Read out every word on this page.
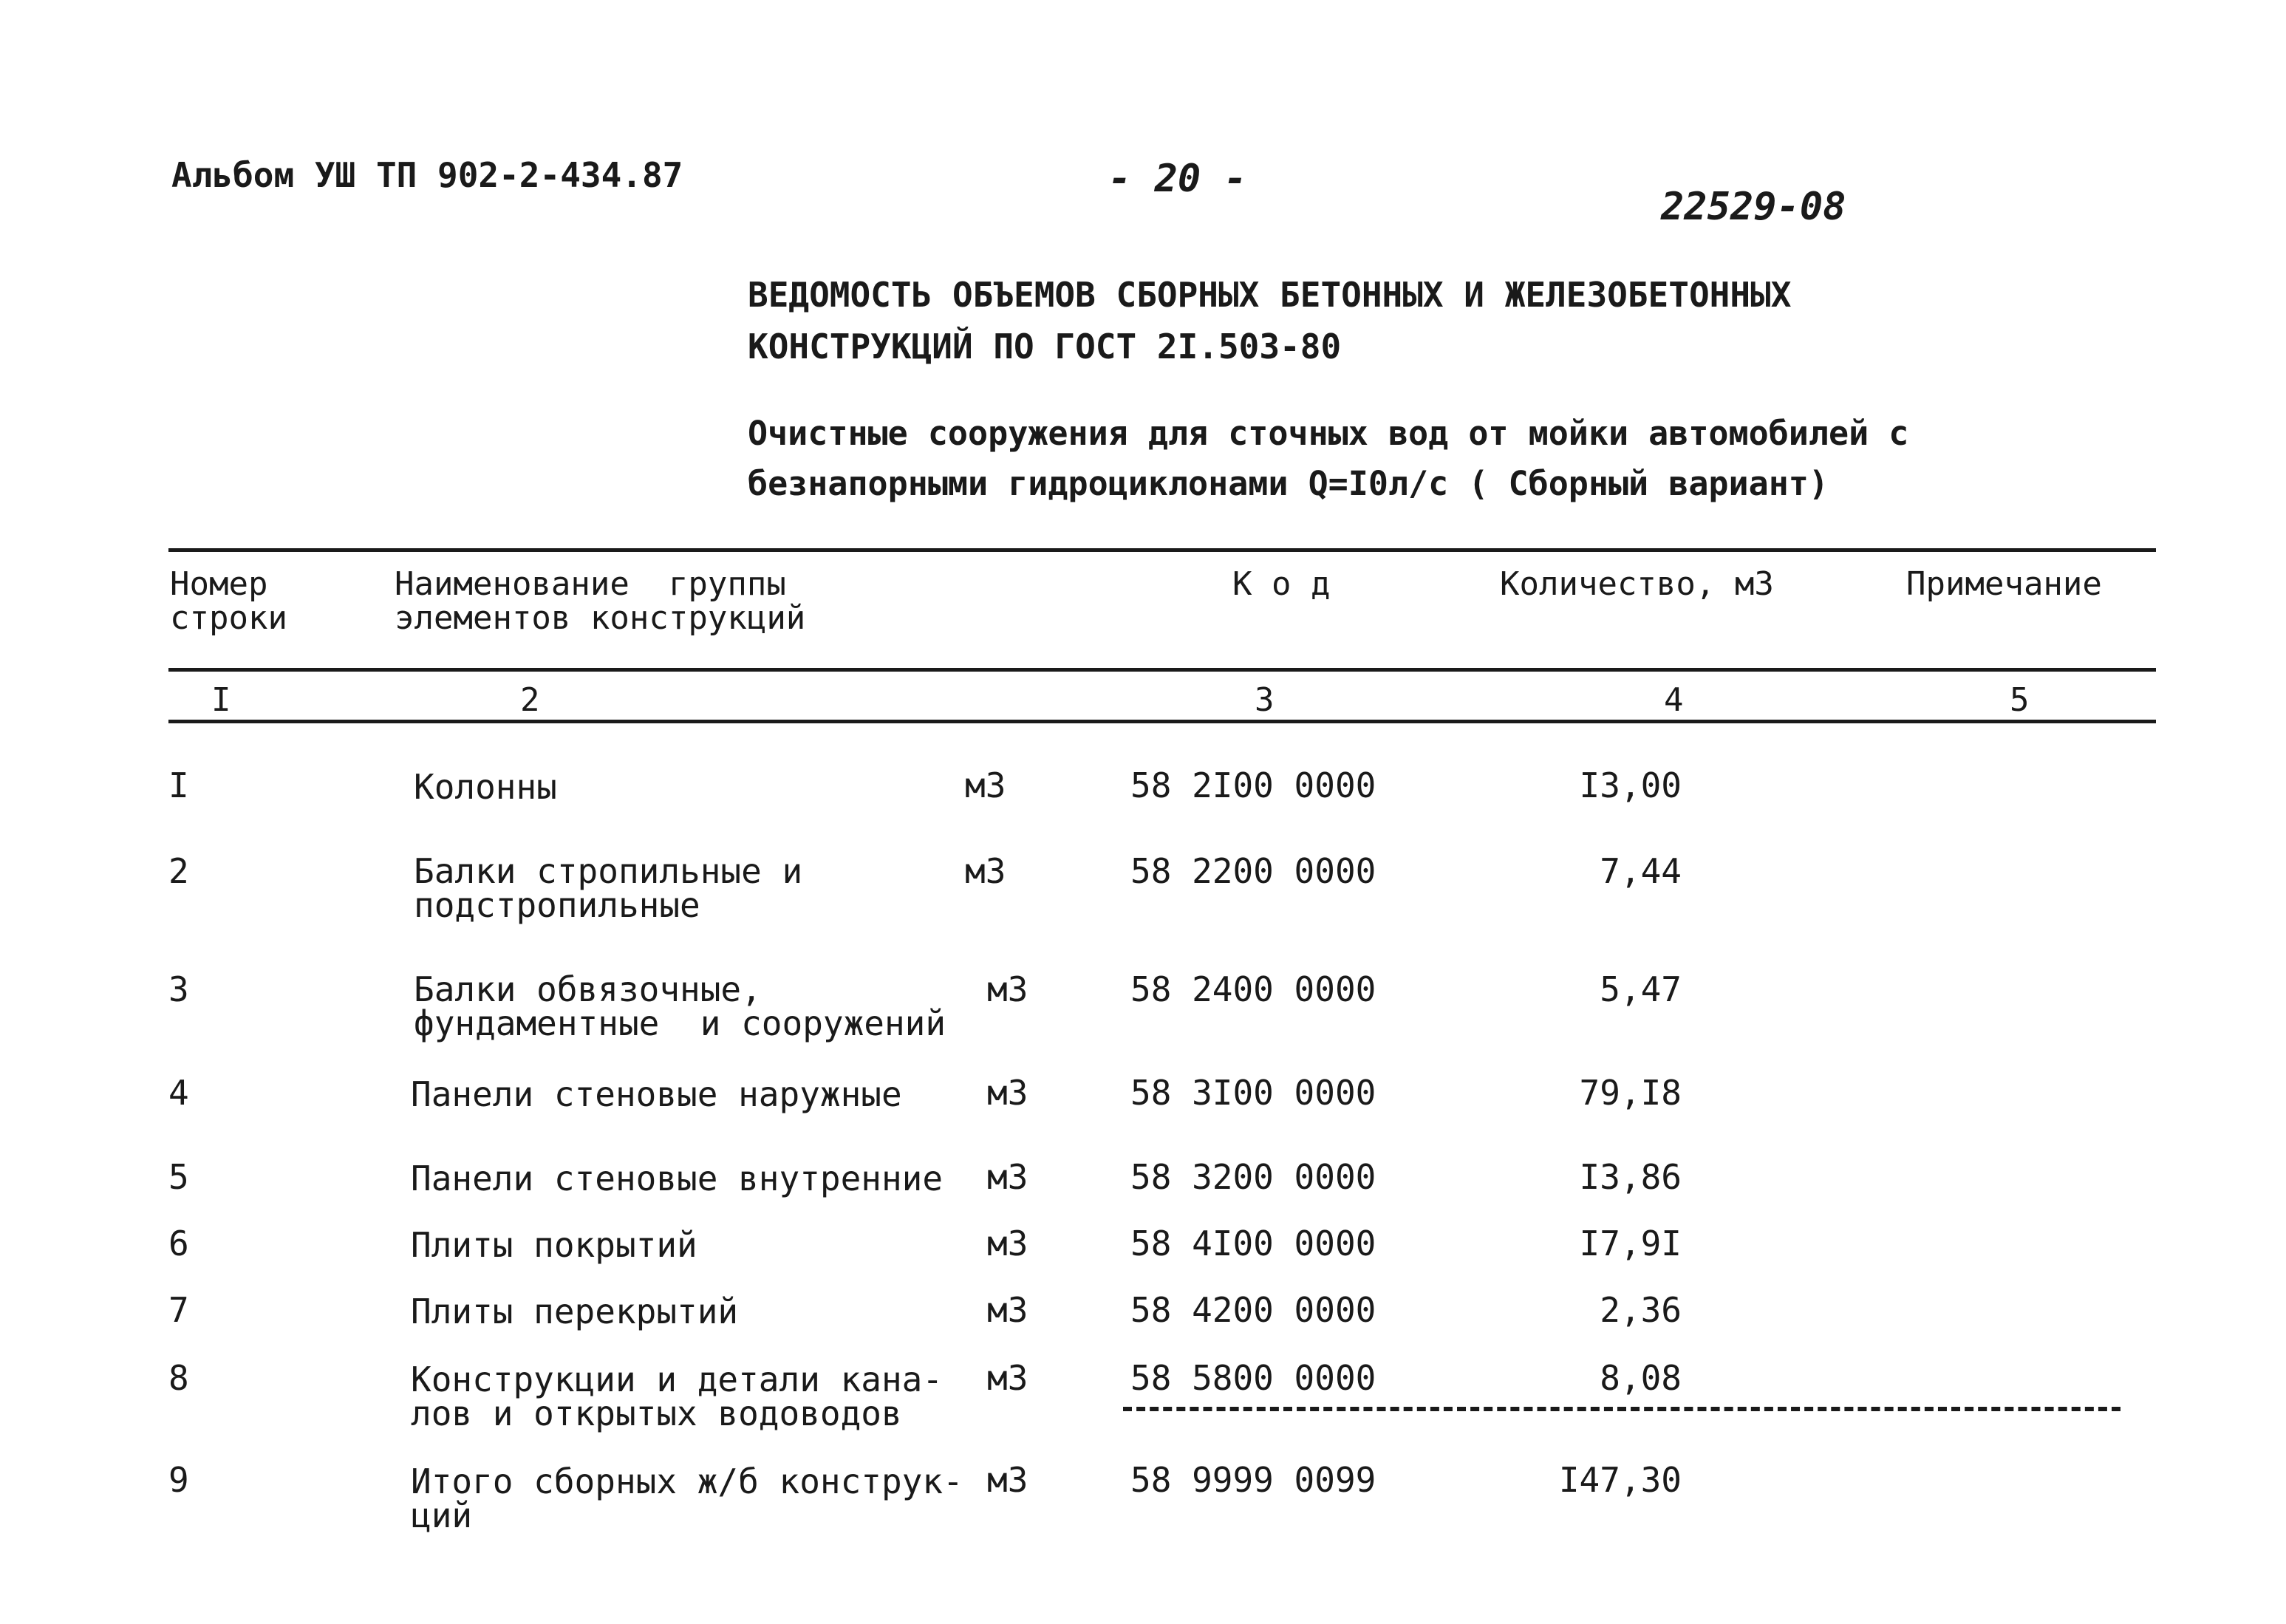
Альбом УШ ТП 902-2-434.87	- 20 -
22529-08
ВЕДОМОСТЬ ОБЪЕМОВ СБОРНЫХ БЕТОННЫХ И ЖЕЛЕЗОБЕТОННЫХ
КОНСТРУКЦИЙ ПО ГОСТ 2I.503-80
Очистные сооружения для сточных вод от мойки автомобилей с
безнапорными гидроциклонами Q=I0л/с ( Сборный вариант)
Номер
строки
Наименование  группы
элементов конструкций
К о д	Количество, м3	Примечание
I	2	3	4	5
I	Колонны	м3	58 2I00 0000	I3,00
2	Балки стропильные и
подстропильные
м3	58 2200 0000	7,44
3	Балки обвязочные,
фундаментные  и сооружений
м3	58 2400 0000	5,47
4	Панели стеновые наружные	м3	58 3I00 0000	79,I8
5	Панели стеновые внутренние м3	58 3200 0000	I3,86
6	Плиты покрытий	м3	58 4I00 0000	I7,9I
7	Плиты перекрытий	м3	58 4200 0000	2,36
8	Конструкции и детали кана-
лов и открытых водоводов
м3	58 5800 0000	8,08
9	Итого сборных ж/б конструк-
ций
м3	58 9999 0099	I47,30
